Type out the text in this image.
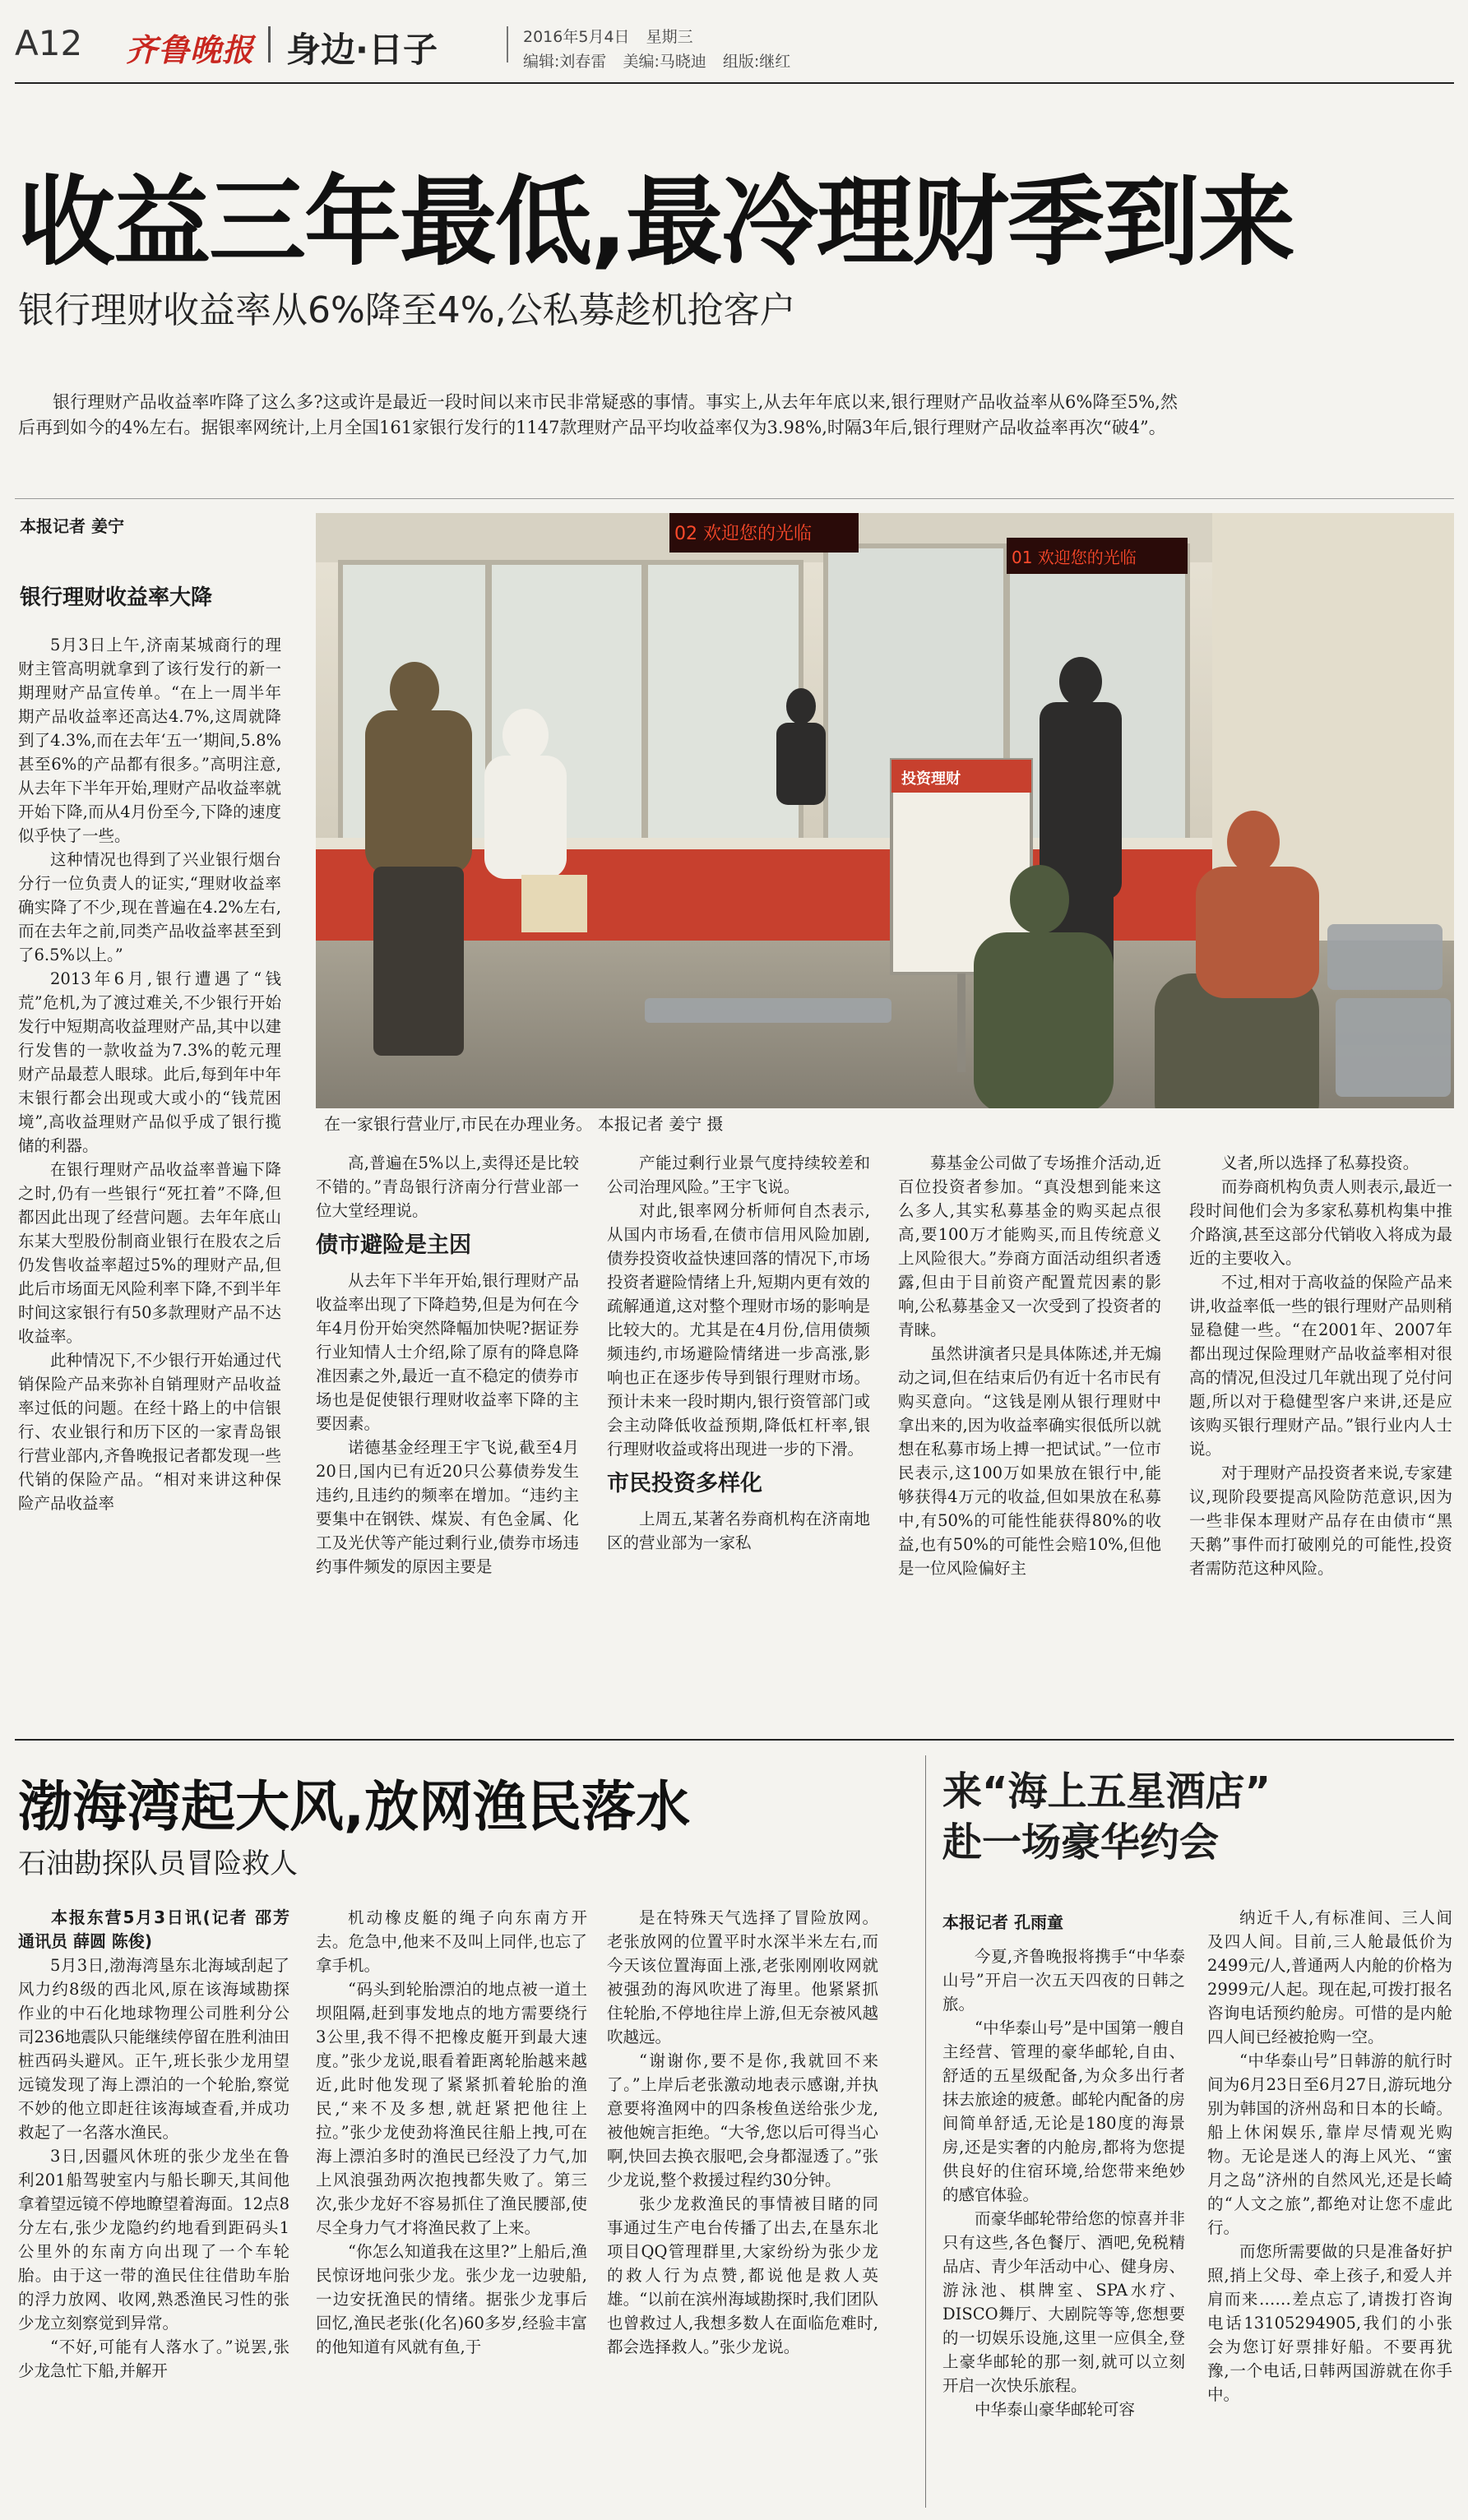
A12 齐鲁晚报 身边·日子	2016年5月4日 星期三
编辑:刘春雷 美编:马晓迪 组版:继红
收益三年最低,最冷理财季到来
银行理财收益率从6%降至4%,公私募趁机抢客户
银行理财产品收益率咋降了这么多?这或许是最近一段时间以来市民非常疑惑的事情。事实上,从去年年底以来,银行理财产品收益率从6%降至5%,然后再到如今的4%左右。据银率网统计,上月全国161家银行发行的1147款理财产品平均收益率仅为3.98%,时隔3年后,银行理财产品收益率再次“破4”。
本报记者 姜宁
银行理财收益率大降
02 欢迎您的光临
01 欢迎您的光临
投资理财
在一家银行营业厅,市民在办理业务。 本报记者 姜宁 摄

5月3日上午,济南某城商行的理财主管高明就拿到了该行发行的新一期理财产品宣传单。“在上一周半年期产品收益率还高达4.7%,这周就降到了4.3%,而在去年‘五一’期间,5.8%甚至6%的产品都有很多。”高明注意,从去年下半年开始,理财产品收益率就开始下降,而从4月份至今,下降的速度似乎快了一些。

这种情况也得到了兴业银行烟台分行一位负责人的证实,“理财收益率确实降了不少,现在普遍在4.2%左右,而在去年之前,同类产品收益率甚至到了6.5%以上。”

2013年6月,银行遭遇了“钱荒”危机,为了渡过难关,不少银行开始发行中短期高收益理财产品,其中以建行发售的一款收益为7.3%的乾元理财产品最惹人眼球。此后,每到年中年末银行都会出现或大或小的“钱荒困境”,高收益理财产品似乎成了银行揽储的利器。

在银行理财产品收益率普遍下降之时,仍有一些银行“死扛着”不降,但都因此出现了经营问题。去年年底山东某大型股份制商业银行在股农之后仍发售收益率超过5%的理财产品,但此后市场面无风险利率下降,不到半年时间这家银行有50多款理财产品不达收益率。

此种情况下,不少银行开始通过代销保险产品来弥补自销理财产品收益率过低的问题。在经十路上的中信银行、农业银行和历下区的一家青岛银行营业部内,齐鲁晚报记者都发现一些代销的保险产品。“相对来讲这种保险产品收益率

高,普遍在5%以上,卖得还是比较不错的。”青岛银行济南分行营业部一位大堂经理说。

债市避险是主因

从去年下半年开始,银行理财产品收益率出现了下降趋势,但是为何在今年4月份开始突然降幅加快呢?据证券行业知情人士介绍,除了原有的降息降准因素之外,最近一直不稳定的债券市场也是促使银行理财收益率下降的主要因素。

诺德基金经理王宇飞说,截至4月20日,国内已有近20只公募债券发生违约,且违约的频率在增加。“违约主要集中在钢铁、煤炭、有色金属、化工及光伏等产能过剩行业,债券市场违约事件频发的原因主要是

产能过剩行业景气度持续较差和公司治理风险。”王宇飞说。

对此,银率网分析师何自杰表示,从国内市场看,在债市信用风险加剧,债券投资收益快速回落的情况下,市场投资者避险情绪上升,短期内更有效的疏解通道,这对整个理财市场的影响是比较大的。尤其是在4月份,信用债频频违约,市场避险情绪进一步高涨,影响也正在逐步传导到银行理财市场。预计未来一段时期内,银行资管部门或会主动降低收益预期,降低杠杆率,银行理财收益或将出现进一步的下滑。

市民投资多样化

上周五,某著名券商机构在济南地区的营业部为一家私

募基金公司做了专场推介活动,近百位投资者参加。“真没想到能来这么多人,其实私募基金的购买起点很高,要100万才能购买,而且传统意义上风险很大。”券商方面活动组织者透露,但由于目前资产配置荒因素的影响,公私募基金又一次受到了投资者的青睐。

虽然讲演者只是具体陈述,并无煽动之词,但在结束后仍有近十名市民有购买意向。“这钱是刚从银行理财中拿出来的,因为收益率确实很低所以就想在私募市场上搏一把试试。”一位市民表示,这100万如果放在银行中,能够获得4万元的收益,但如果放在私募中,有50%的可能性能获得80%的收益,也有50%的可能性会赔10%,但他是一位风险偏好主

义者,所以选择了私募投资。

而券商机构负责人则表示,最近一段时间他们会为多家私募机构集中推介路演,甚至这部分代销收入将成为最近的主要收入。

不过,相对于高收益的保险产品来讲,收益率低一些的银行理财产品则稍显稳健一些。“在2001年、2007年都出现过保险理财产品收益率相对很高的情况,但没过几年就出现了兑付问题,所以对于稳健型客户来讲,还是应该购买银行理财产品。”银行业内人士说。

对于理财产品投资者来说,专家建议,现阶段要提高风险防范意识,因为一些非保本理财产品存在由债市“黑天鹅”事件而打破刚兑的可能性,投资者需防范这种风险。

渤海湾起大风,放网渔民落水
石油勘探队员冒险救人
本报东营5月3日讯(记者 邵芳 通讯员 薛圆 陈俊)

5月3日,渤海湾垦东北海域刮起了风力约8级的西北风,原在该海域勘探作业的中石化地球物理公司胜利分公司236地震队只能继续停留在胜利油田桩西码头避风。正午,班长张少龙用望远镜发现了海上漂泊的一个轮胎,察觉不妙的他立即赶往该海域查看,并成功救起了一名落水渔民。

3日,因疆风休班的张少龙坐在鲁利201船驾驶室内与船长聊天,其间他拿着望远镜不停地瞭望着海面。12点8分左右,张少龙隐约约地看到距码头1公里外的东南方向出现了一个车轮胎。由于这一带的渔民住往借助车胎的浮力放网、收网,熟悉渔民习性的张少龙立刻察觉到异常。

“不好,可能有人落水了。”说罢,张少龙急忙下船,并解开

机动橡皮艇的绳子向东南方开去。危急中,他来不及叫上同伴,也忘了拿手机。

“码头到轮胎漂泊的地点被一道土坝阻隔,赶到事发地点的地方需要绕行3公里,我不得不把橡皮艇开到最大速度。”张少龙说,眼看着距离轮胎越来越近,此时他发现了紧紧抓着轮胎的渔民,“来不及多想,就赶紧把他往上拉。”张少龙使劲将渔民往船上拽,可在海上漂泊多时的渔民已经没了力气,加上风浪强劲两次抱拽都失败了。第三次,张少龙好不容易抓住了渔民腰部,使尽全身力气才将渔民救了上来。

“你怎么知道我在这里?”上船后,渔民惊讶地问张少龙。张少龙一边驶船,一边安抚渔民的情绪。据张少龙事后回忆,渔民老张(化名)60多岁,经验丰富的他知道有风就有鱼,于

是在特殊天气选择了冒险放网。老张放网的位置平时水深半米左右,而今天该位置海面上涨,老张刚刚收网就被强劲的海风吹进了海里。他紧紧抓住轮胎,不停地往岸上游,但无奈被风越吹越远。

“谢谢你,要不是你,我就回不来了。”上岸后老张激动地表示感谢,并执意要将渔网中的四条梭鱼送给张少龙,被他婉言拒绝。“大爷,您以后可得当心啊,快回去换衣服吧,会身都湿透了。”张少龙说,整个救援过程约30分钟。

张少龙救渔民的事情被目睹的同事通过生产电台传播了出去,在垦东北项目QQ管理群里,大家纷纷为张少龙的救人行为点赞,都说他是救人英雄。“以前在滨州海域勘探时,我们团队也曾救过人,我想多数人在面临危难时,都会选择救人。”张少龙说。

来“海上五星酒店”
赴一场豪华约会
本报记者 孔雨童

今夏,齐鲁晚报将携手“中华泰山号”开启一次五天四夜的日韩之旅。

“中华泰山号”是中国第一艘自主经营、管理的豪华邮轮,自由、舒适的五星级配备,为众多出行者抹去旅途的疲惫。邮轮内配备的房间简单舒适,无论是180度的海景房,还是实奢的内舱房,都将为您提供良好的住宿环境,给您带来绝妙的感官体验。

而豪华邮轮带给您的惊喜并非只有这些,各色餐厅、酒吧,免税精品店、青少年活动中心、健身房、游泳池、棋牌室、SPA水疗、DISCO舞厅、大剧院等等,您想要的一切娱乐设施,这里一应俱全,登上豪华邮轮的那一刻,就可以立刻开启一次快乐旅程。

中华泰山豪华邮轮可容

纳近千人,有标准间、三人间及四人间。目前,三人舱最低价为2499元/人,普通两人内舱的价格为2999元/人起。现在起,可拨打报名咨询电话预约舱房。可惜的是内舱四人间已经被抢购一空。

“中华泰山号”日韩游的航行时间为6月23日至6月27日,游玩地分别为韩国的济州岛和日本的长崎。船上休闲娱乐,靠岸尽情观光购物。无论是迷人的海上风光、“蜜月之岛”济州的自然风光,还是长崎的“人文之旅”,都绝对让您不虚此行。

而您所需要做的只是准备好护照,捎上父母、牵上孩子,和爱人并肩而来……差点忘了,请拨打咨询电话13105294905,我们的小张会为您订好票排好船。不要再犹豫,一个电话,日韩两国游就在你手中。
